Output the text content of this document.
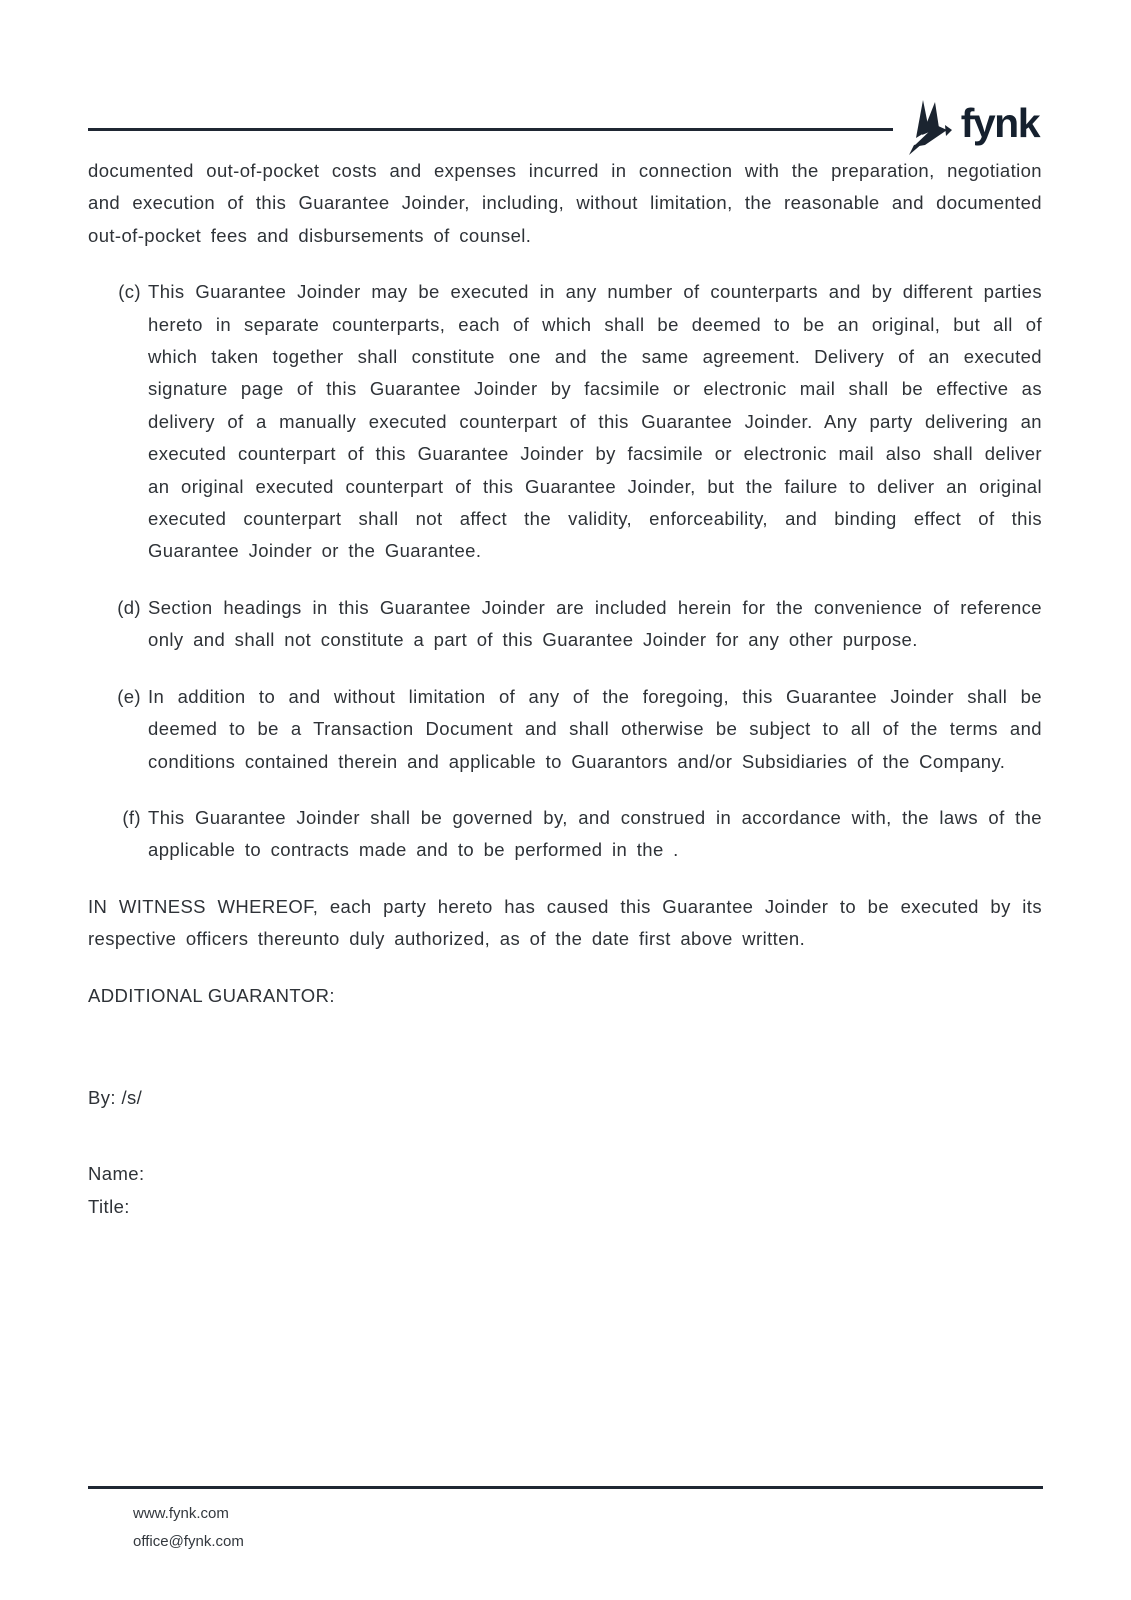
fynk

documented out-of-pocket costs and expenses incurred in connection with the preparation, negotiation and execution of this Guarantee Joinder, including, without limitation, the reasonable and documented out-of-pocket fees and disbursements of counsel.

(c) This Guarantee Joinder may be executed in any number of counterparts and by different parties hereto in separate counterparts, each of which shall be deemed to be an original, but all of which taken together shall constitute one and the same agreement. Delivery of an executed signature page of this Guarantee Joinder by facsimile or electronic mail shall be effective as delivery of a manually executed counterpart of this Guarantee Joinder. Any party delivering an executed counterpart of this Guarantee Joinder by facsimile or electronic mail also shall deliver an original executed counterpart of this Guarantee Joinder, but the failure to deliver an original executed counterpart shall not affect the validity, enforceability, and binding effect of this Guarantee Joinder or the Guarantee.
(d) Section headings in this Guarantee Joinder are included herein for the convenience of reference only and shall not constitute a part of this Guarantee Joinder for any other purpose.
(e) In addition to and without limitation of any of the foregoing, this Guarantee Joinder shall be deemed to be a Transaction Document and shall otherwise be subject to all of the terms and conditions contained therein and applicable to Guarantors and/or Subsidiaries of the Company.
(f) This Guarantee Joinder shall be governed by, and construed in accordance with, the laws of the applicable to contracts made and to be performed in the .

IN WITNESS WHEREOF, each party hereto has caused this Guarantee Joinder to be executed by its respective officers thereunto duly authorized, as of the date first above written.

ADDITIONAL GUARANTOR:

By: /s/

Name:

Title:

www.fynk.com
office@fynk.com
